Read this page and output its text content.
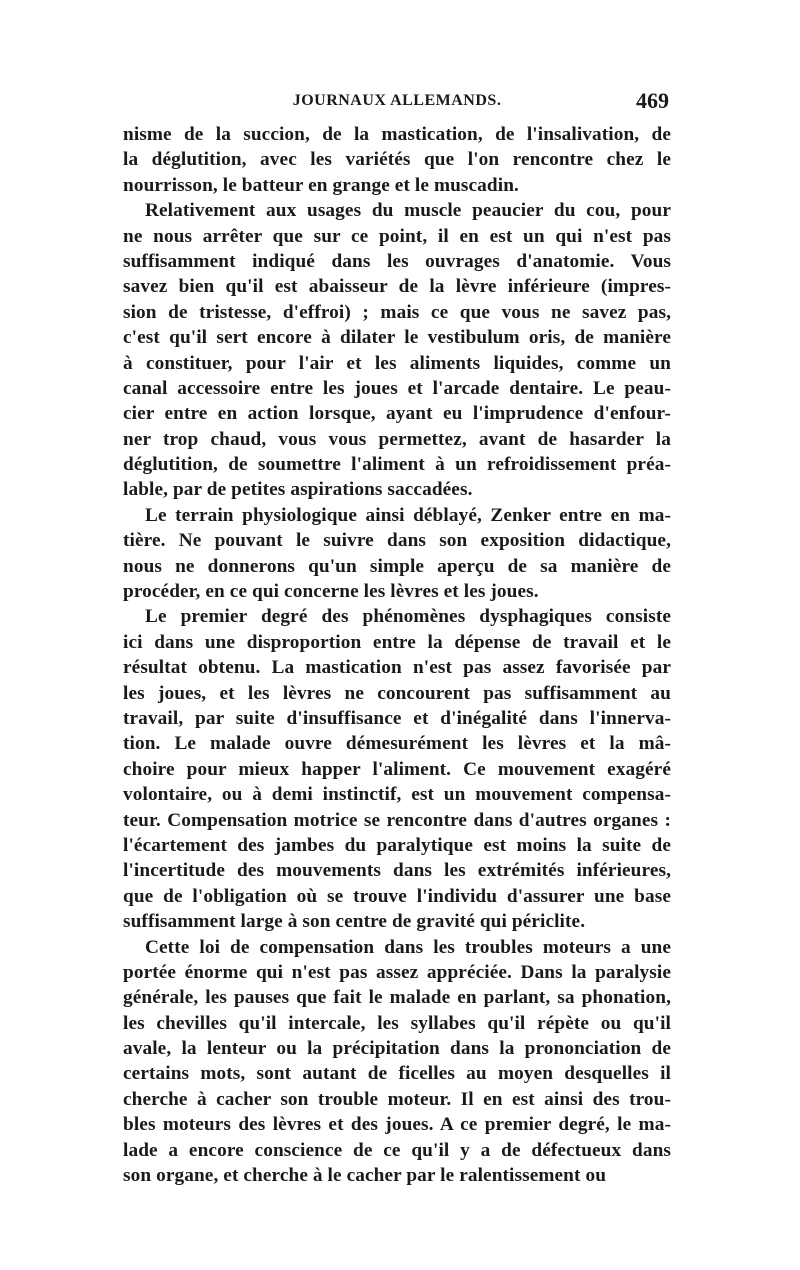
JOURNAUX ALLEMANDS.	469
nisme de la succion, de la mastication, de l'insalivation, de
la déglutition, avec les variétés que l'on rencontre chez le
nourrisson, le batteur en grange et le muscadin.
Relativement aux usages du muscle peaucier du cou, pour
ne nous arrêter que sur ce point, il en est un qui n'est pas
suffisamment indiqué dans les ouvrages d'anatomie. Vous
savez bien qu'il est abaisseur de la lèvre inférieure (impres-
sion de tristesse, d'effroi) ; mais ce que vous ne savez pas,
c'est qu'il sert encore à dilater le vestibulum oris, de manière
à constituer, pour l'air et les aliments liquides, comme un
canal accessoire entre les joues et l'arcade dentaire. Le peau-
cier entre en action lorsque, ayant eu l'imprudence d'enfour-
ner trop chaud, vous vous permettez, avant de hasarder la
déglutition, de soumettre l'aliment à un refroidissement préa-
lable, par de petites aspirations saccadées.
Le terrain physiologique ainsi déblayé, Zenker entre en ma-
tière. Ne pouvant le suivre dans son exposition didactique,
nous ne donnerons qu'un simple aperçu de sa manière de
procéder, en ce qui concerne les lèvres et les joues.
Le premier degré des phénomènes dysphagiques consiste
ici dans une disproportion entre la dépense de travail et le
résultat obtenu. La mastication n'est pas assez favorisée par
les joues, et les lèvres ne concourent pas suffisamment au
travail, par suite d'insuffisance et d'inégalité dans l'innerva-
tion. Le malade ouvre démesurément les lèvres et la mâ-
choire pour mieux happer l'aliment. Ce mouvement exagéré
volontaire, ou à demi instinctif, est un mouvement compensa-
teur. Compensation motrice se rencontre dans d'autres organes :
l'écartement des jambes du paralytique est moins la suite de
l'incertitude des mouvements dans les extrémités inférieures,
que de l'obligation où se trouve l'individu d'assurer une base
suffisamment large à son centre de gravité qui périclite.
Cette loi de compensation dans les troubles moteurs a une
portée énorme qui n'est pas assez appréciée. Dans la paralysie
générale, les pauses que fait le malade en parlant, sa phonation,
les chevilles qu'il intercale, les syllabes qu'il répète ou qu'il
avale, la lenteur ou la précipitation dans la prononciation de
certains mots, sont autant de ficelles au moyen desquelles il
cherche à cacher son trouble moteur. Il en est ainsi des trou-
bles moteurs des lèvres et des joues. A ce premier degré, le ma-
lade a encore conscience de ce qu'il y a de défectueux dans
son organe, et cherche à le cacher par le ralentissement ou
